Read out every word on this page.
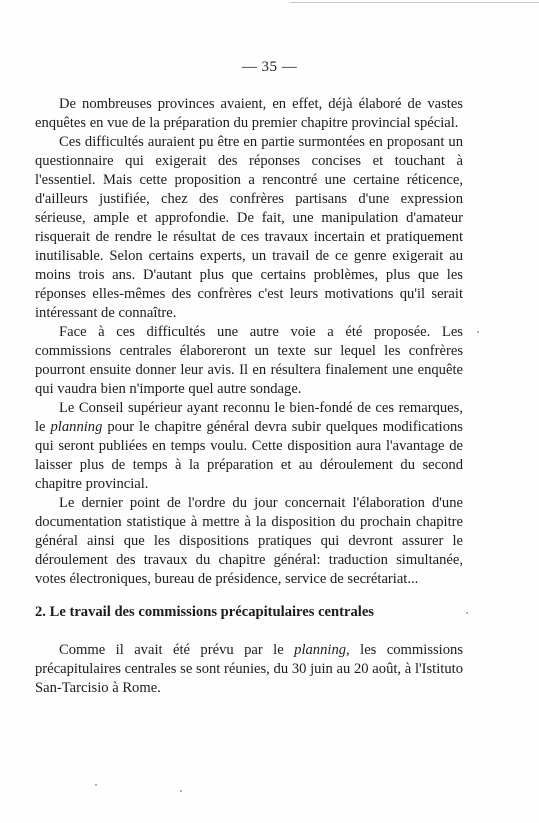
— 35 —

De nombreuses provinces avaient, en effet, déjà élaboré de vastes enquêtes en vue de la préparation du premier chapitre provincial spécial.

Ces difficultés auraient pu être en partie surmontées en proposant un questionnaire qui exigerait des réponses concises et touchant à l'essentiel. Mais cette proposition a rencontré une certaine réticence, d'ailleurs justifiée, chez des confrères partisans d'une expression sérieuse, ample et approfondie. De fait, une manipulation d'amateur risquerait de rendre le résultat de ces travaux incertain et pratiquement inutilisable. Selon certains experts, un travail de ce genre exigerait au moins trois ans. D'autant plus que certains problèmes, plus que les réponses elles-mêmes des confrères c'est leurs motivations qu'il serait intéressant de connaître.

Face à ces difficultés une autre voie a été proposée. Les commissions centrales élaboreront un texte sur lequel les confrères pourront ensuite donner leur avis. Il en résultera finalement une enquête qui vaudra bien n'importe quel autre sondage.

Le Conseil supérieur ayant reconnu le bien-fondé de ces remarques, le planning pour le chapitre général devra subir quelques modifications qui seront publiées en temps voulu. Cette disposition aura l'avantage de laisser plus de temps à la préparation et au déroulement du second chapitre provincial.

Le dernier point de l'ordre du jour concernait l'élaboration d'une documentation statistique à mettre à la disposition du prochain chapitre général ainsi que les dispositions pratiques qui devront assurer le déroulement des travaux du chapitre général: traduction simultanée, votes électroniques, bureau de présidence, service de secrétariat...

2. Le travail des commissions précapitulaires centrales

Comme il avait été prévu par le planning, les commissions précapitulaires centrales se sont réunies, du 30 juin au 20 août, à l'Istituto San-Tarcisio à Rome.
